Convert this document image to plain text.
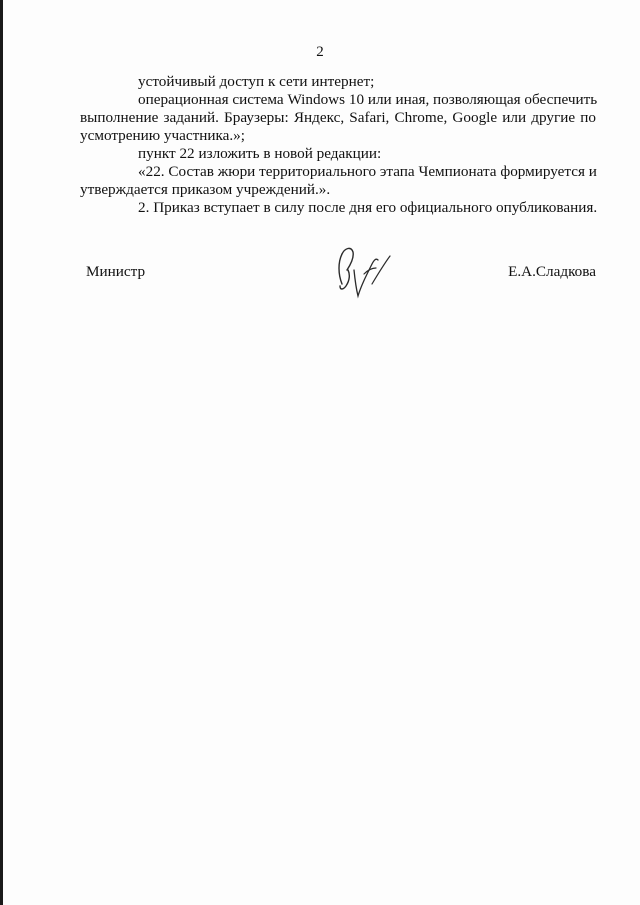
2
устойчивый доступ к сети интернет;
операционная система Windows 10 или иная, позволяющая обеспечить
выполнение заданий. Браузеры: Яндекс, Safari, Chrome, Google или другие по
усмотрению участника.»;
пункт 22 изложить в новой редакции:
«22. Состав жюри территориального этапа Чемпионата формируется и
утверждается приказом учреждений.».
2. Приказ вступает в силу после дня его официального опубликования.
Министр	Е.А.Сладкова
